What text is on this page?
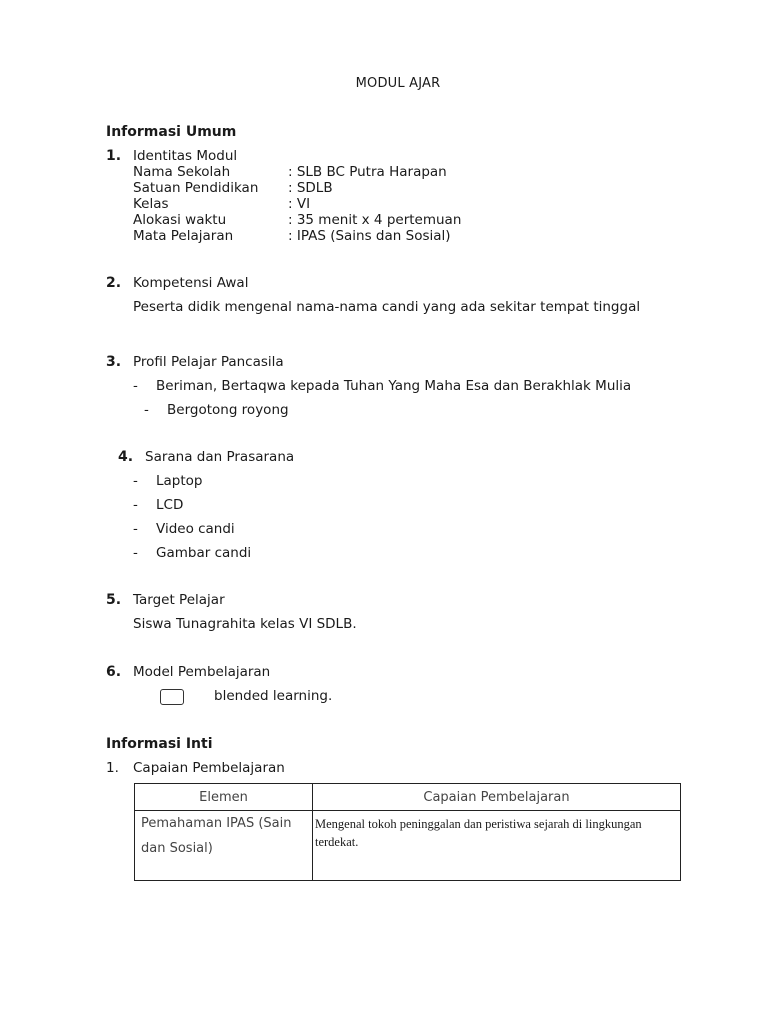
MODUL AJAR
Informasi Umum
1. Identitas Modul
Nama Sekolah	: SLB BC Putra Harapan
Satuan Pendidikan : SDLB
Kelas	: VI
Alokasi waktu	: 35 menit x 4 pertemuan
Mata Pelajaran	: IPAS (Sains dan Sosial)
2. Kompetensi Awal
Peserta didik mengenal nama-nama candi yang ada sekitar tempat tinggal
3. Profil Pelajar Pancasila
- Beriman, Bertaqwa kepada Tuhan Yang Maha Esa dan Berakhlak Mulia
- Bergotong royong
4. Sarana dan Prasarana
- Laptop
- LCD
- Video candi
- Gambar candi
5. Target Pelajar
Siswa Tunagrahita kelas VI SDLB.
6. Model Pembelajaran
blended learning.
Informasi Inti
1. Capaian Pembelajaran
Elemen	Capaian Pembelajaran

Pemahaman IPAS (Sain dan Sosial)	Mengenal tokoh peninggalan dan peristiwa sejarah di lingkungan terdekat.
